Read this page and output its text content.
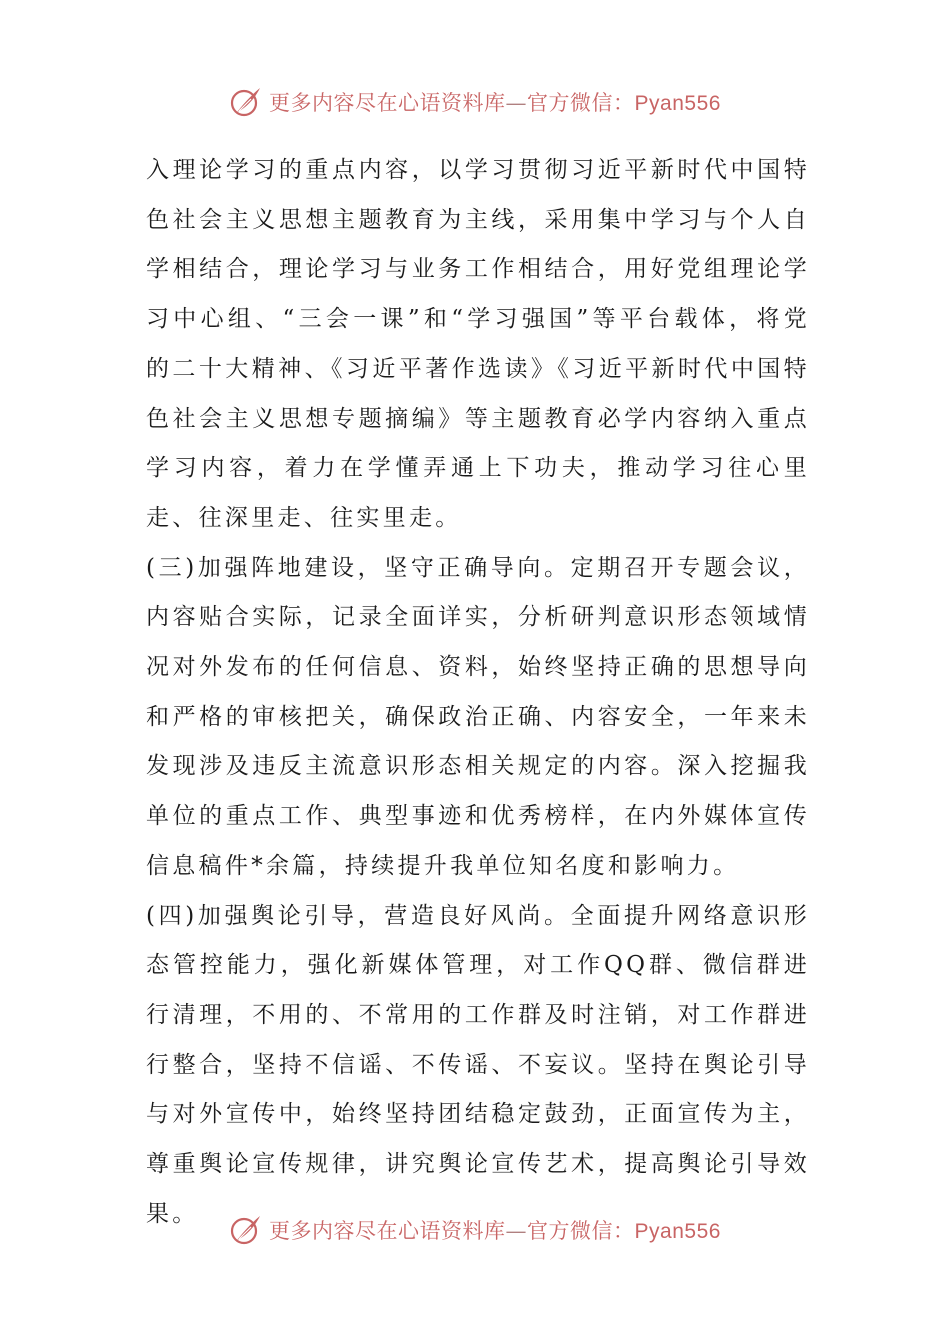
更多内容尽在心语资料库—官方微信：Pyan556

入理论学习的重点内容，以学习贯彻习近平新时代中国特色社会主义思想主题教育为主线，采用集中学习与个人自学相结合，理论学习与业务工作相结合，用好党组理论学习中心组、“三会一课”和“学习强国”等平台载体，将党的二十大精神、《习近平著作选读》《习近平新时代中国特色社会主义思想专题摘编》等主题教育必学内容纳入重点学习内容，着力在学懂弄通上下功夫，推动学习往心里走、往深里走、往实里走。

(三)加强阵地建设，坚守正确导向。定期召开专题会议，内容贴合实际，记录全面详实，分析研判意识形态领域情况对外发布的任何信息、资料，始终坚持正确的思想导向和严格的审核把关，确保政治正确、内容安全，一年来未发现涉及违反主流意识形态相关规定的内容。深入挖掘我单位的重点工作、典型事迹和优秀榜样，在内外媒体宣传信息稿件*余篇，持续提升我单位知名度和影响力。

(四)加强舆论引导，营造良好风尚。全面提升网络意识形态管控能力，强化新媒体管理，对工作QQ群、微信群进行清理，不用的、不常用的工作群及时注销，对工作群进行整合，坚持不信谣、不传谣、不妄议。坚持在舆论引导与对外宣传中，始终坚持团结稳定鼓劲，正面宣传为主，尊重舆论宣传规律，讲究舆论宣传艺术，提高舆论引导效果。

更多内容尽在心语资料库—官方微信：Pyan556
